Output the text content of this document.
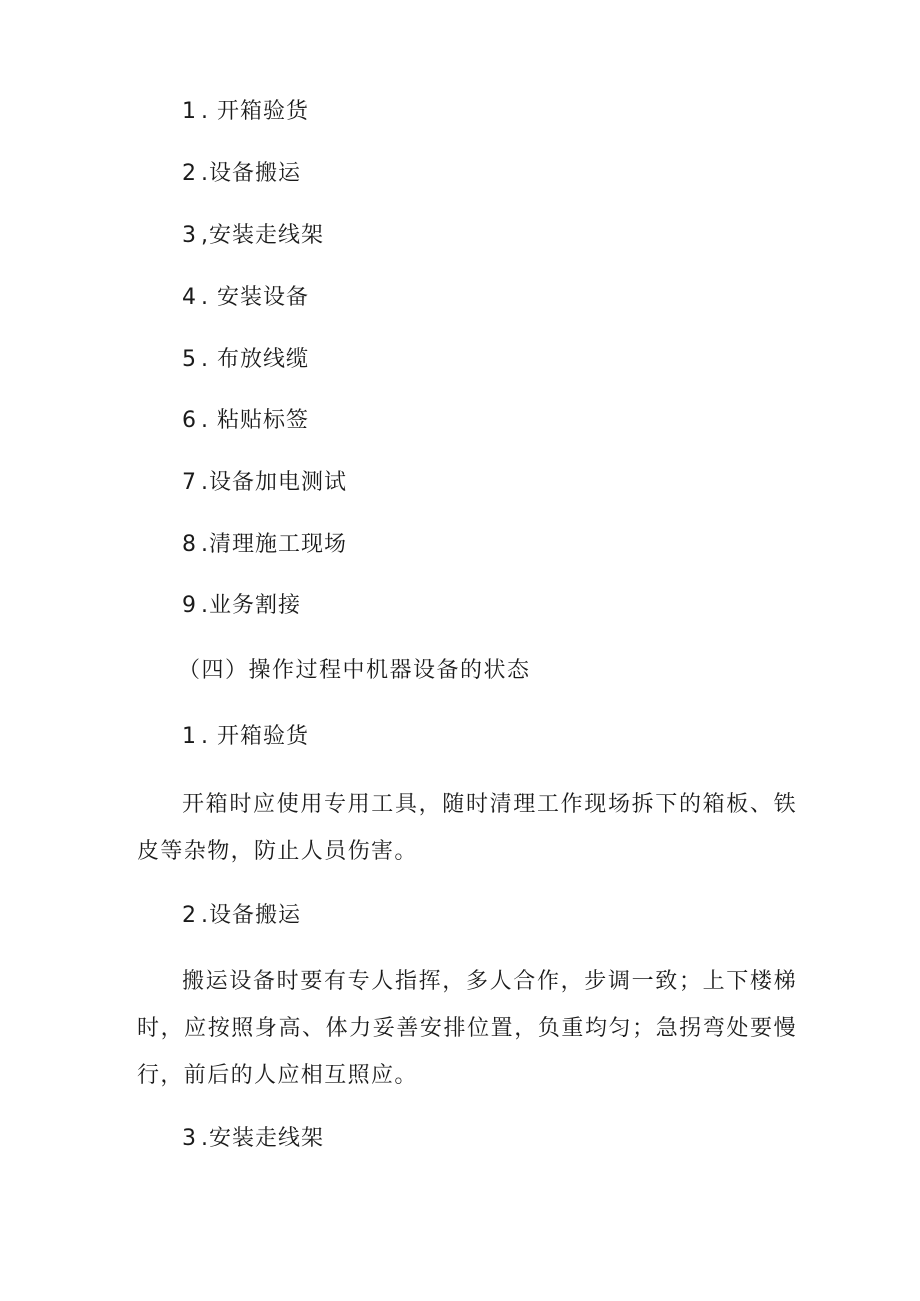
1 . 开箱验货
2 .设备搬运
3 ,安装走线架
4 . 安装设备
5 . 布放线缆
6 . 粘贴标签
7 .设备加电测试
8 .清理施工现场
9 .业务割接
（四）操作过程中机器设备的状态
1 . 开箱验货
开箱时应使用专用工具，随时清理工作现场拆下的箱板、铁皮等杂物，防止人员伤害。
2 .设备搬运
搬运设备时要有专人指挥，多人合作，步调一致；上下楼梯时，应按照身高、体力妥善安排位置，负重均匀；急拐弯处要慢行，前后的人应相互照应。
3 .安装走线架
